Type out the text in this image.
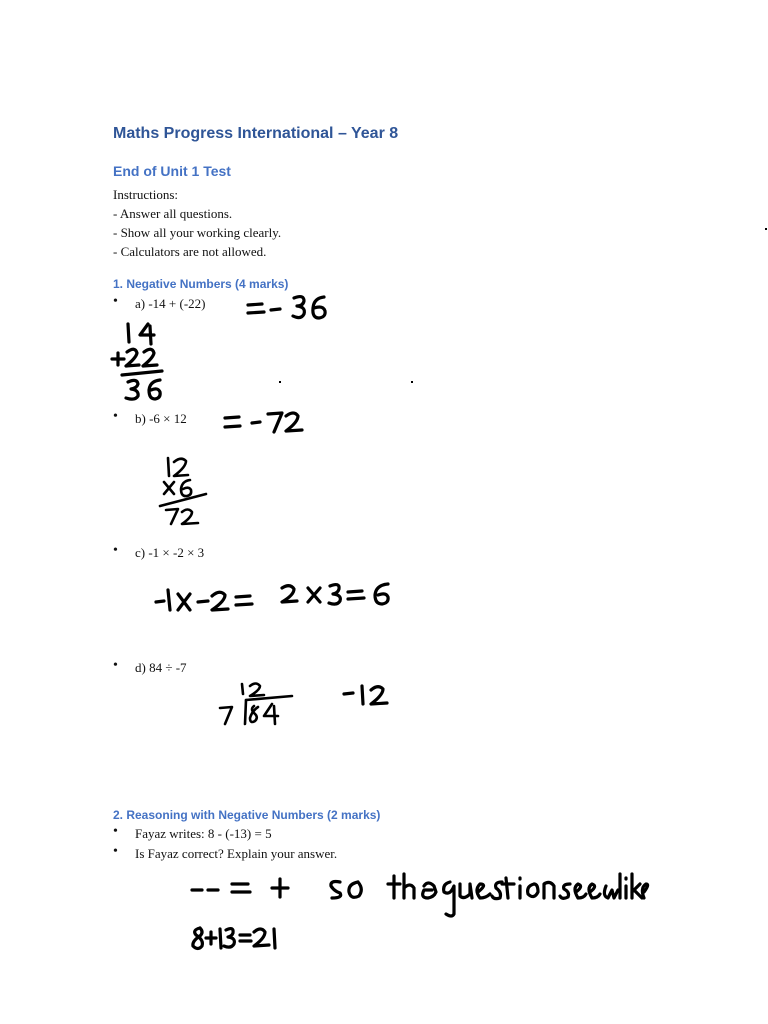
Maths Progress International – Year 8
End of Unit 1 Test
Instructions:
- Answer all questions.
- Show all your working clearly.
- Calculators are not allowed.
1. Negative Numbers (4 marks)
• a) -14 + (-22)
• b) -6 × 12
• c) -1 × -2 × 3
• d) 84 ÷ -7
2. Reasoning with Negative Numbers (2 marks)
• Fayaz writes: 8 - (-13) = 5
• Is Fayaz correct? Explain your answer.
